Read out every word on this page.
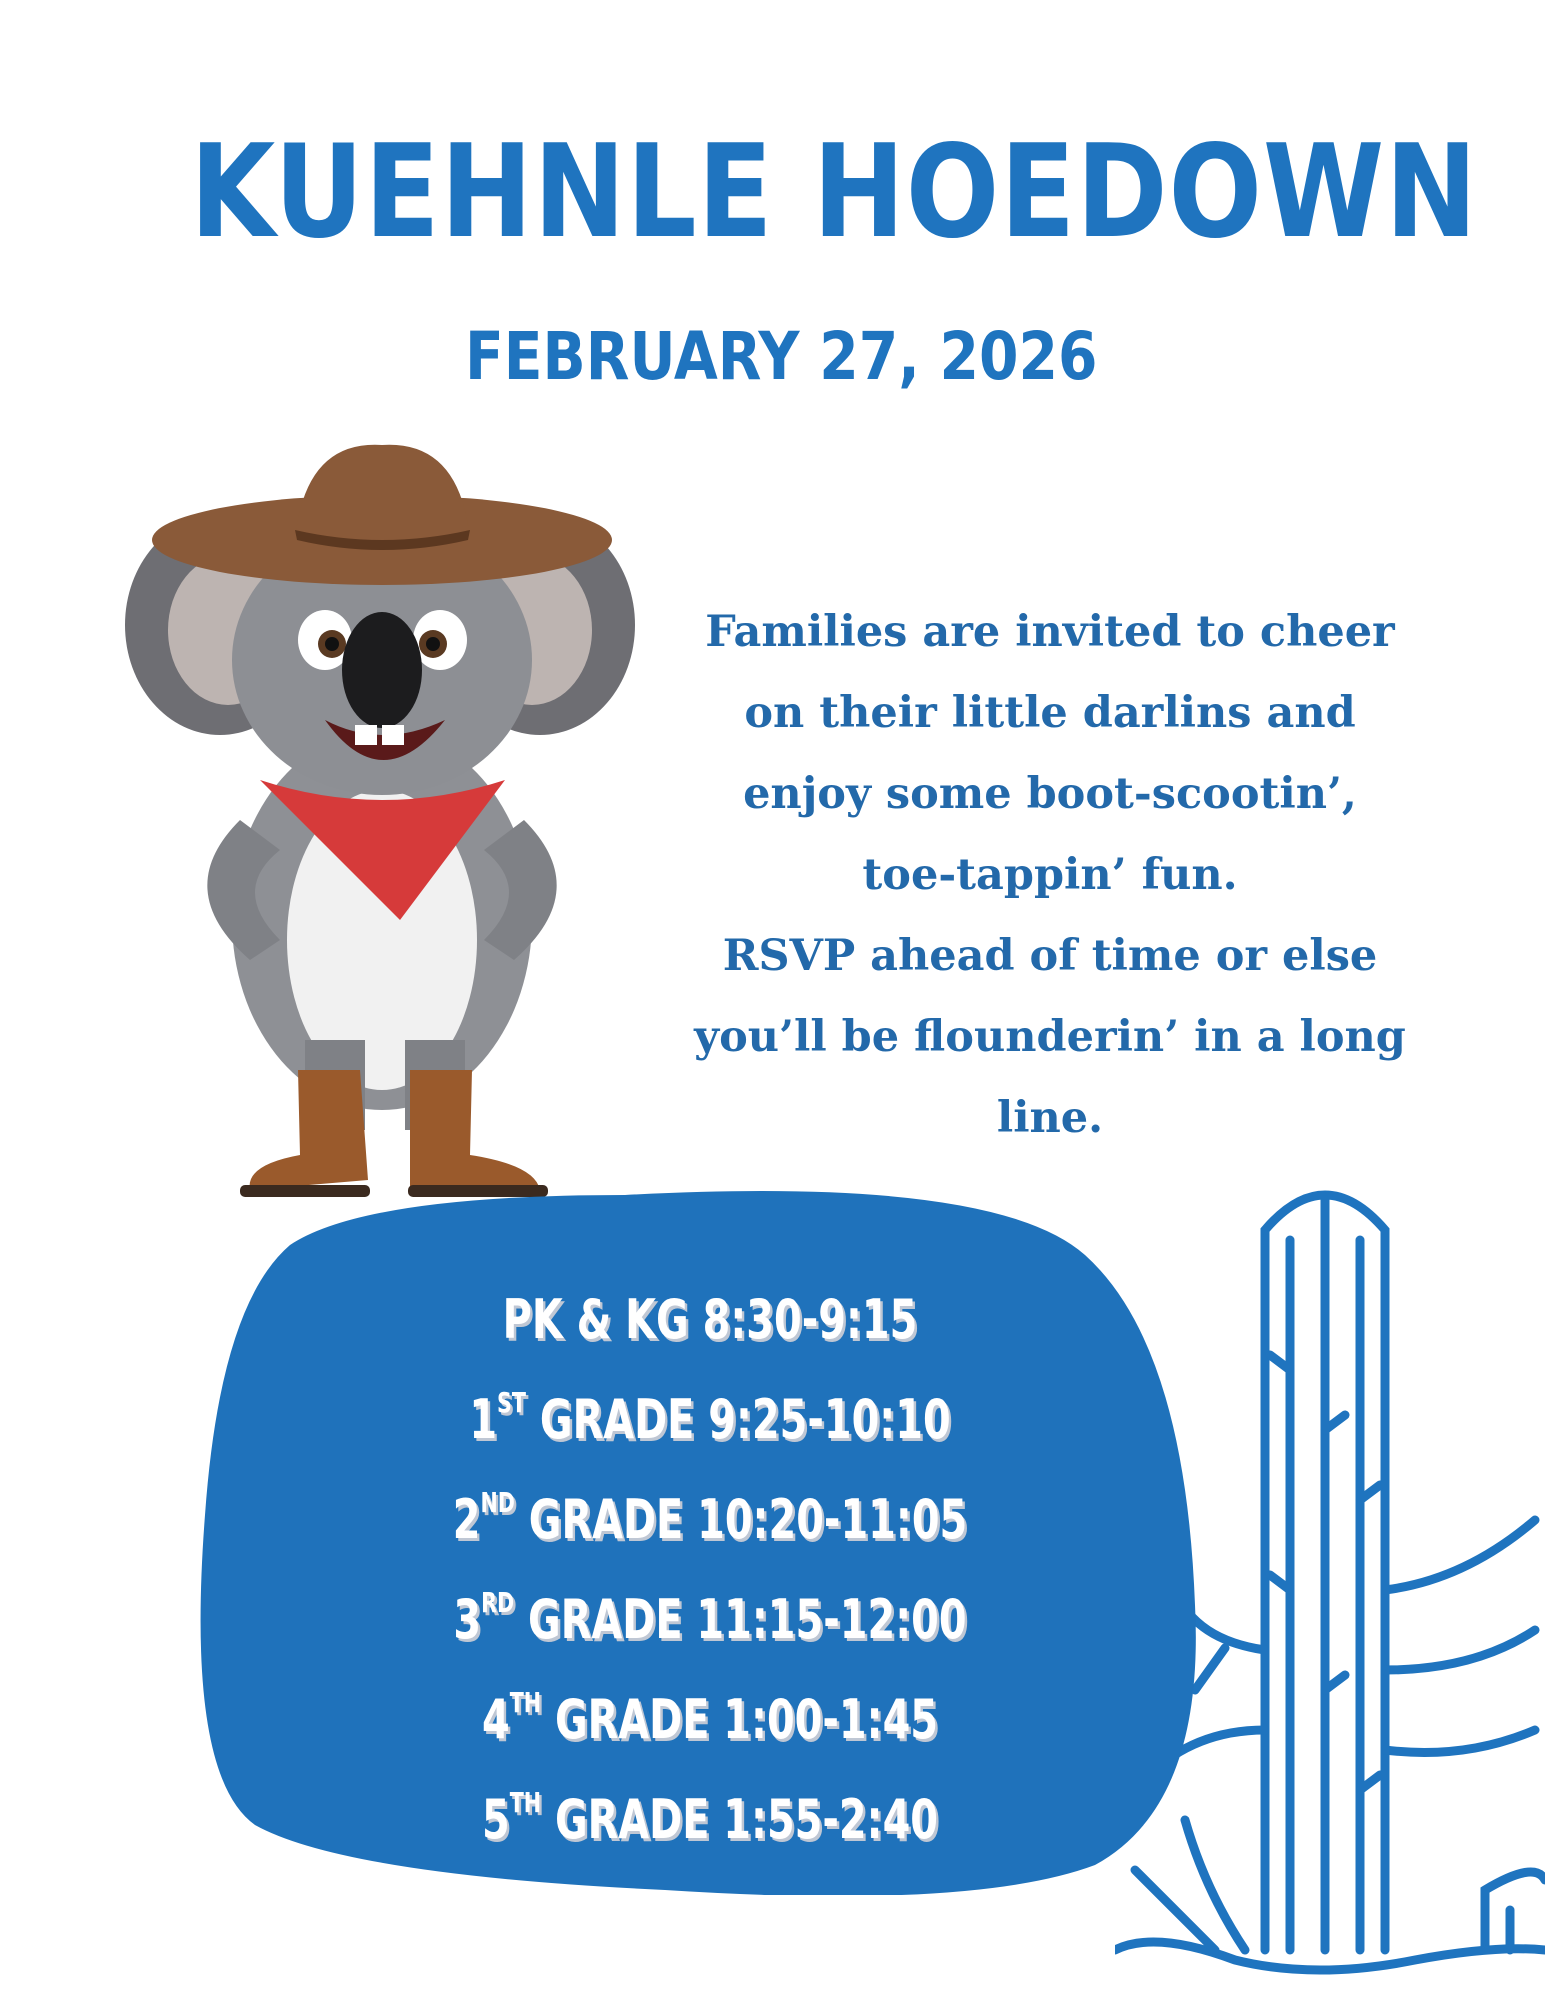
KUEHNLE HOEDOWN
FEBRUARY 27, 2026
Families are invited to cheer
on their little darlins and
enjoy some boot-scootin’,
toe-tappin’ fun.
RSVP ahead of time or else
you’ll be flounderin’ in a long
line.
PK & KG 8:30-9:15
1ST GRADE 9:25-10:10
2ND GRADE 10:20-11:05
3RD GRADE 11:15-12:00
4TH GRADE 1:00-1:45
5TH GRADE 1:55-2:40
